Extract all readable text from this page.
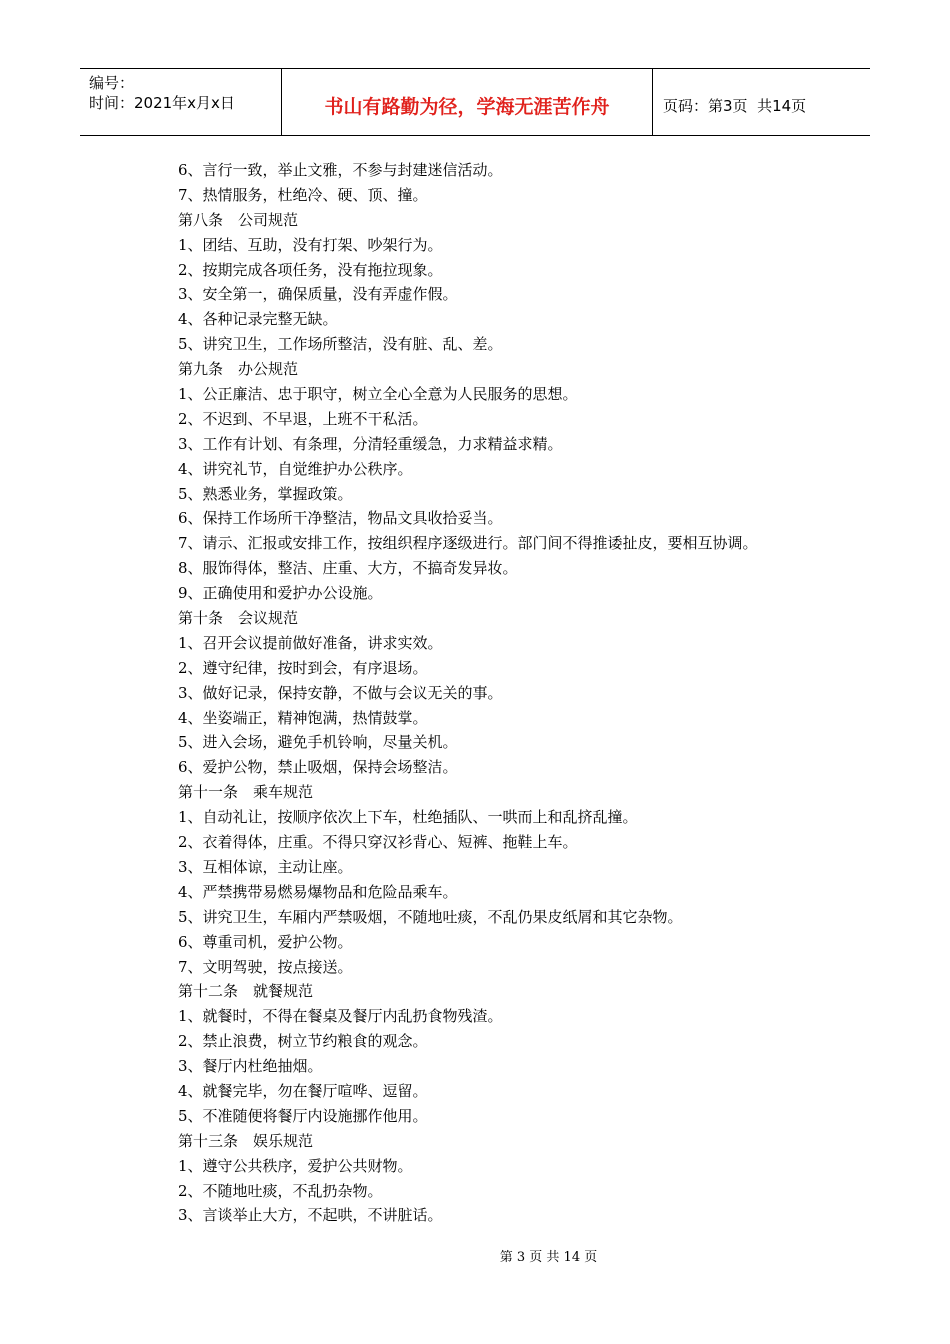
编号：
时间：2021年x月x日	书山有路勤为径，学海无涯苦作舟	页码：第3页  共14页
6、言行一致，举止文雅，不参与封建迷信活动。
7、热情服务，杜绝冷、硬、顶、撞。
第八条　公司规范
1、团结、互助，没有打架、吵架行为。
2、按期完成各项任务，没有拖拉现象。
3、安全第一，确保质量，没有弄虚作假。
4、各种记录完整无缺。
5、讲究卫生，工作场所整洁，没有脏、乱、差。
第九条　办公规范
1、公正廉洁、忠于职守，树立全心全意为人民服务的思想。
2、不迟到、不早退，上班不干私活。
3、工作有计划、有条理，分清轻重缓急，力求精益求精。
4、讲究礼节，自觉维护办公秩序。
5、熟悉业务，掌握政策。
6、保持工作场所干净整洁，物品文具收拾妥当。
7、请示、汇报或安排工作，按组织程序逐级进行。部门间不得推诿扯皮，要相互协调。
8、服饰得体，整洁、庄重、大方，不搞奇发异妆。
9、正确使用和爱护办公设施。
第十条　会议规范
1、召开会议提前做好准备，讲求实效。
2、遵守纪律，按时到会，有序退场。
3、做好记录，保持安静，不做与会议无关的事。
4、坐姿端正，精神饱满，热情鼓掌。
5、进入会场，避免手机铃响，尽量关机。
6、爱护公物，禁止吸烟，保持会场整洁。
第十一条　乘车规范
1、自动礼让，按顺序依次上下车，杜绝插队、一哄而上和乱挤乱撞。
2、衣着得体，庄重。不得只穿汉衫背心、短裤、拖鞋上车。
3、互相体谅，主动让座。
4、严禁携带易燃易爆物品和危险品乘车。
5、讲究卫生，车厢内严禁吸烟，不随地吐痰，不乱仍果皮纸屑和其它杂物。
6、尊重司机，爱护公物。
7、文明驾驶，按点接送。
第十二条　就餐规范
1、就餐时，不得在餐桌及餐厅内乱扔食物残渣。
2、禁止浪费，树立节约粮食的观念。
3、餐厅内杜绝抽烟。
4、就餐完毕，勿在餐厅喧哗、逗留。
5、不准随便将餐厅内设施挪作他用。
第十三条　娱乐规范
1、遵守公共秩序，爱护公共财物。
2、不随地吐痰，不乱扔杂物。
3、言谈举止大方，不起哄，不讲脏话。
第 3 页 共 14 页
